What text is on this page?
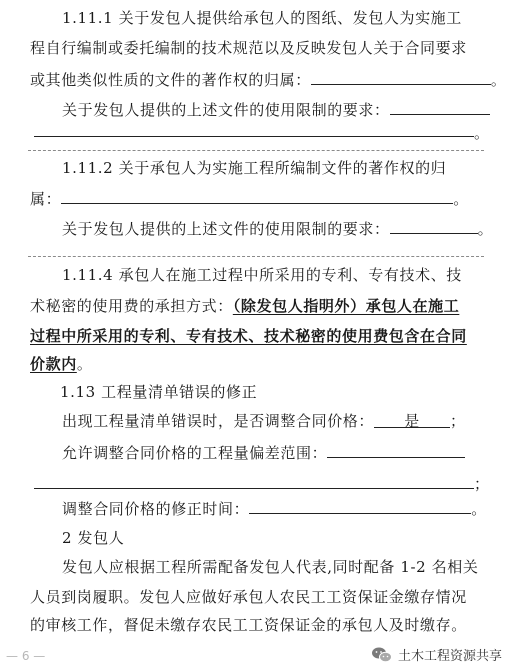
1.11.1 关于发包人提供给承包人的图纸、发包人为实施工
程自行编制或委托编制的技术规范以及反映发包人关于合同要求
或其他类似性质的文件的著作权的归属：	。
关于发包人提供的上述文件的使用限制的要求：
。
1.11.2 关于承包人为实施工程所编制文件的著作权的归
属：	。
关于发包人提供的上述文件的使用限制的要求：	。
1.11.4 承包人在施工过程中所采用的专利、专有技术、技
术秘密的使用费的承担方式：（除发包人指明外）承包人在施工
过程中所采用的专利、专有技术、技术秘密的使用费包含在合同
价款内。
1.13 工程量清单错误的修正
出现工程量清单错误时，是否调整合同价格： 是 ；
允许调整合同价格的工程量偏差范围：
；
调整合同价格的修正时间：	。
2 发包人
发包人应根据工程所需配备发包人代表,同时配备 1-2 名相关
人员到岗履职。发包人应做好承包人农民工工资保证金缴存情况
的审核工作，督促未缴存农民工工资保证金的承包人及时缴存。
— 6 —	土木工程资源共享
